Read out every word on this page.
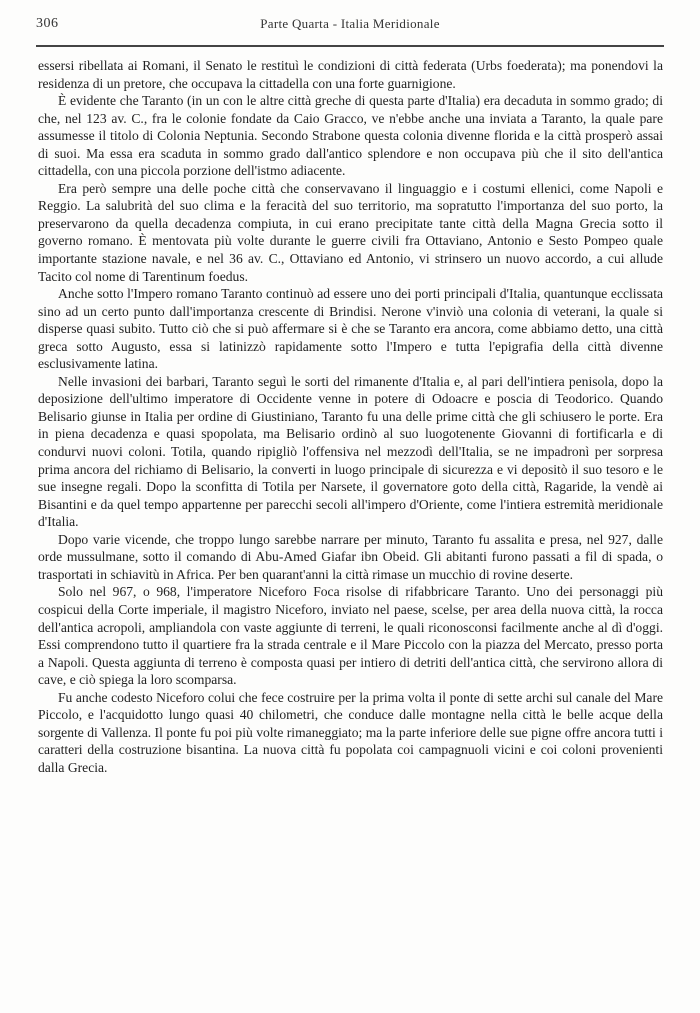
306	Parte Quarta - Italia Meridionale

essersi ribellata ai Romani, il Senato le restituì le condizioni di città federata (Urbs foederata); ma ponendovi la residenza di un pretore, che occupava la cittadella con una forte guarnigione.

È evidente che Taranto (in un con le altre città greche di questa parte d'Italia) era decaduta in sommo grado; di che, nel 123 av. C., fra le colonie fondate da Caio Gracco, ve n'ebbe anche una inviata a Taranto, la quale pare assumesse il titolo di Colonia Neptunia. Secondo Strabone questa colonia divenne florida e la città prosperò assai di suoi. Ma essa era scaduta in sommo grado dall'antico splendore e non occupava più che il sito dell'antica cittadella, con una piccola porzione dell'istmo adiacente.

Era però sempre una delle poche città che conservavano il linguaggio e i costumi ellenici, come Napoli e Reggio. La salubrità del suo clima e la feracità del suo territorio, ma sopratutto l'importanza del suo porto, la preservarono da quella decadenza compiuta, in cui erano precipitate tante città della Magna Grecia sotto il governo romano. È mentovata più volte durante le guerre civili fra Ottaviano, Antonio e Sesto Pompeo quale importante stazione navale, e nel 36 av. C., Ottaviano ed Antonio, vi strinsero un nuovo accordo, a cui allude Tacito col nome di Tarentinum foedus.

Anche sotto l'Impero romano Taranto continuò ad essere uno dei porti principali d'Italia, quantunque ecclissata sino ad un certo punto dall'importanza crescente di Brindisi. Nerone v'inviò una colonia di veterani, la quale si disperse quasi subito. Tutto ciò che si può affermare si è che se Taranto era ancora, come abbiamo detto, una città greca sotto Augusto, essa si latinizzò rapidamente sotto l'Impero e tutta l'epigrafia della città divenne esclusivamente latina.

Nelle invasioni dei barbari, Taranto seguì le sorti del rimanente d'Italia e, al pari dell'intiera penisola, dopo la deposizione dell'ultimo imperatore di Occidente venne in potere di Odoacre e poscia di Teodorico. Quando Belisario giunse in Italia per ordine di Giustiniano, Taranto fu una delle prime città che gli schiusero le porte. Era in piena decadenza e quasi spopolata, ma Belisario ordinò al suo luogotenente Giovanni di fortificarla e di condurvi nuovi coloni. Totila, quando ripigliò l'offensiva nel mezzodì dell'Italia, se ne impadronì per sorpresa prima ancora del richiamo di Belisario, la converti in luogo principale di sicurezza e vi depositò il suo tesoro e le sue insegne regali. Dopo la sconfitta di Totila per Narsete, il governatore goto della città, Ragaride, la vendè ai Bisantini e da quel tempo appartenne per parecchi secoli all'impero d'Oriente, come l'intiera estremità meridionale d'Italia.

Dopo varie vicende, che troppo lungo sarebbe narrare per minuto, Taranto fu assalita e presa, nel 927, dalle orde mussulmane, sotto il comando di Abu-Amed Giafar ibn Obeid. Gli abitanti furono passati a fil di spada, o trasportati in schiavitù in Africa. Per ben quarant'anni la città rimase un mucchio di rovine deserte.

Solo nel 967, o 968, l'imperatore Niceforo Foca risolse di rifabbricare Taranto. Uno dei personaggi più cospicui della Corte imperiale, il magistro Niceforo, inviato nel paese, scelse, per area della nuova città, la rocca dell'antica acropoli, ampliandola con vaste aggiunte di terreni, le quali riconosconsi facilmente anche al dì d'oggi. Essi comprendono tutto il quartiere fra la strada centrale e il Mare Piccolo con la piazza del Mercato, presso porta a Napoli. Questa aggiunta di terreno è composta quasi per intiero di detriti dell'antica città, che servirono allora di cave, e ciò spiega la loro scomparsa.

Fu anche codesto Niceforo colui che fece costruire per la prima volta il ponte di sette archi sul canale del Mare Piccolo, e l'acquidotto lungo quasi 40 chilometri, che conduce dalle montagne nella città le belle acque della sorgente di Vallenza. Il ponte fu poi più volte rimaneggiato; ma la parte inferiore delle sue pigne offre ancora tutti i caratteri della costruzione bisantina. La nuova città fu popolata coi campagnuoli vicini e coi coloni provenienti dalla Grecia.
